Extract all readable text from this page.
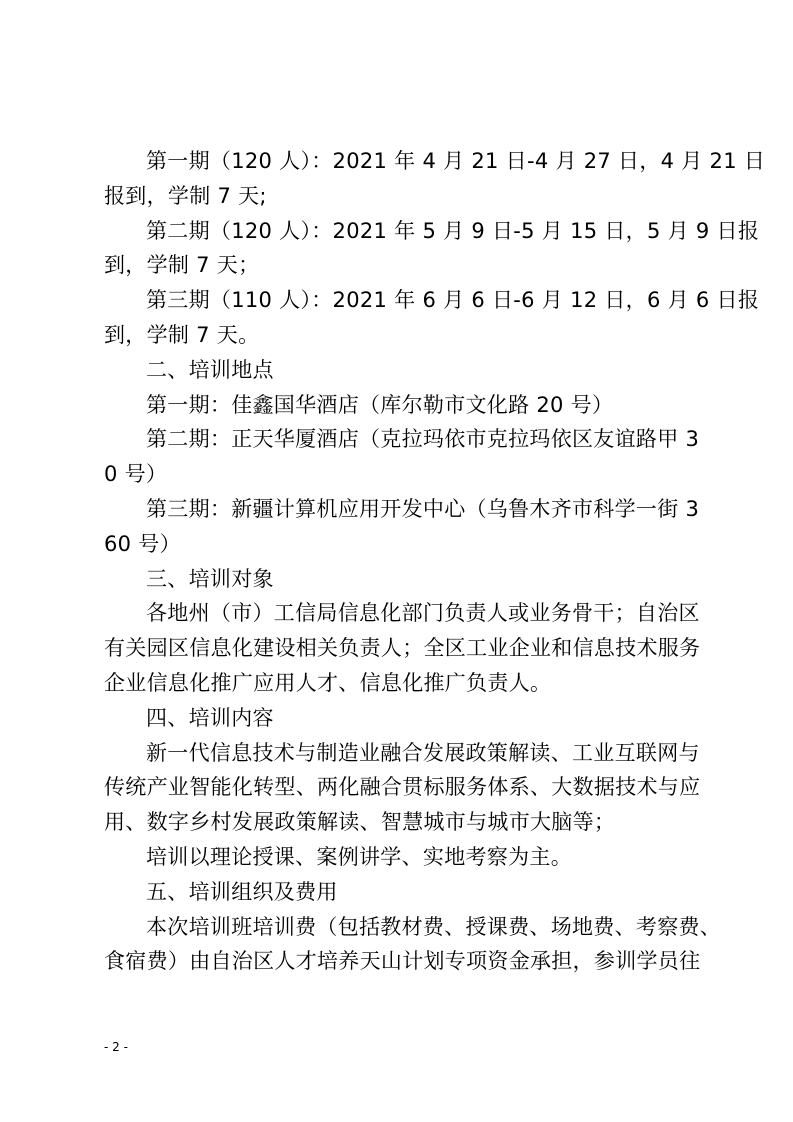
第一期（120 人）：2021 年 4 月 21 日-4 月 27 日，4 月 21 日

报到，学制 7 天;

第二期（120 人）：2021 年 5 月 9 日-5 月 15 日，5 月 9 日报

到，学制 7 天；

第三期（110 人）：2021 年 6 月 6 日-6 月 12 日，6 月 6 日报

到，学制 7 天。

二、培训地点

第一期：佳鑫国华酒店（库尔勒市文化路 20 号）

第二期：正天华厦酒店（克拉玛依市克拉玛依区友谊路甲 3

0 号）

第三期：新疆计算机应用开发中心（乌鲁木齐市科学一街 3

60 号）

三、培训对象

各地州（市）工信局信息化部门负责人或业务骨干；自治区

有关园区信息化建设相关负责人；全区工业企业和信息技术服务

企业信息化推广应用人才、信息化推广负责人。

四、培训内容

新一代信息技术与制造业融合发展政策解读、工业互联网与

传统产业智能化转型、两化融合贯标服务体系、大数据技术与应

用、数字乡村发展政策解读、智慧城市与城市大脑等；

培训以理论授课、案例讲学、实地考察为主。

五、培训组织及费用

本次培训班培训费（包括教材费、授课费、场地费、考察费、

食宿费）由自治区人才培养天山计划专项资金承担，参训学员往

- 2 -
